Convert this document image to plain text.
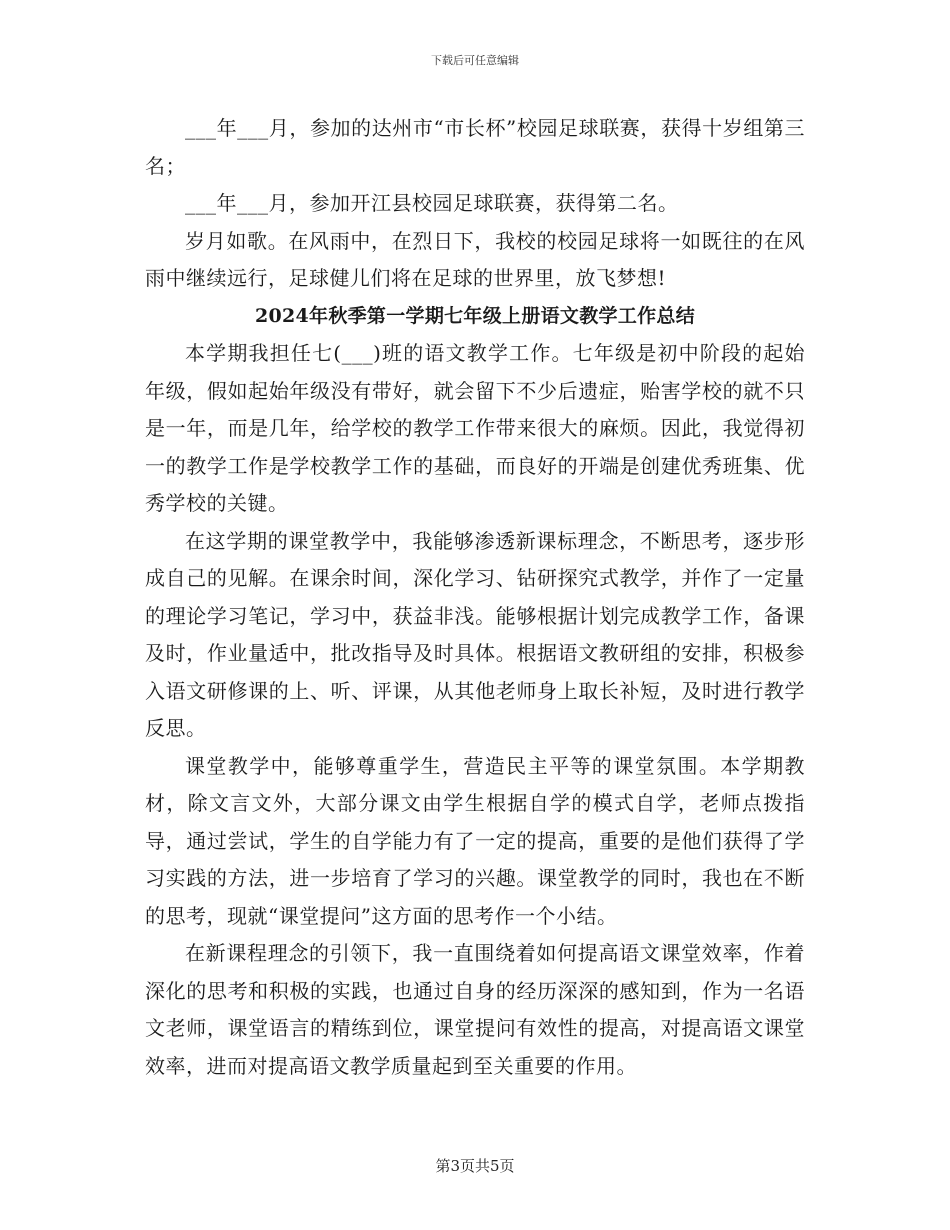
下载后可任意编辑

___年___月，参加的达州市“市长杯”校园足球联赛，获得十岁组第三名；

___年___月，参加开江县校园足球联赛，获得第二名。

岁月如歌。在风雨中，在烈日下，我校的校园足球将一如既往的在风雨中继续远行，足球健儿们将在足球的世界里，放飞梦想!

2024年秋季第一学期七年级上册语文教学工作总结

本学期我担任七(___)班的语文教学工作。七年级是初中阶段的起始年级，假如起始年级没有带好，就会留下不少后遗症，贻害学校的就不只是一年，而是几年，给学校的教学工作带来很大的麻烦。因此，我觉得初一的教学工作是学校教学工作的基础，而良好的开端是创建优秀班集、优秀学校的关键。

在这学期的课堂教学中，我能够渗透新课标理念，不断思考，逐步形成自己的见解。在课余时间，深化学习、钻研探究式教学，并作了一定量的理论学习笔记，学习中，获益非浅。能够根据计划完成教学工作，备课及时，作业量适中，批改指导及时具体。根据语文教研组的安排，积极参入语文研修课的上、听、评课，从其他老师身上取长补短，及时进行教学反思。

课堂教学中，能够尊重学生，营造民主平等的课堂氛围。本学期教材，除文言文外，大部分课文由学生根据自学的模式自学，老师点拨指导，通过尝试，学生的自学能力有了一定的提高，重要的是他们获得了学习实践的方法，进一步培育了学习的兴趣。课堂教学的同时，我也在不断的思考，现就“课堂提问”这方面的思考作一个小结。

在新课程理念的引领下，我一直围绕着如何提高语文课堂效率，作着深化的思考和积极的实践，也通过自身的经历深深的感知到，作为一名语文老师，课堂语言的精练到位，课堂提问有效性的提高，对提高语文课堂效率，进而对提高语文教学质量起到至关重要的作用。

第3页共5页
